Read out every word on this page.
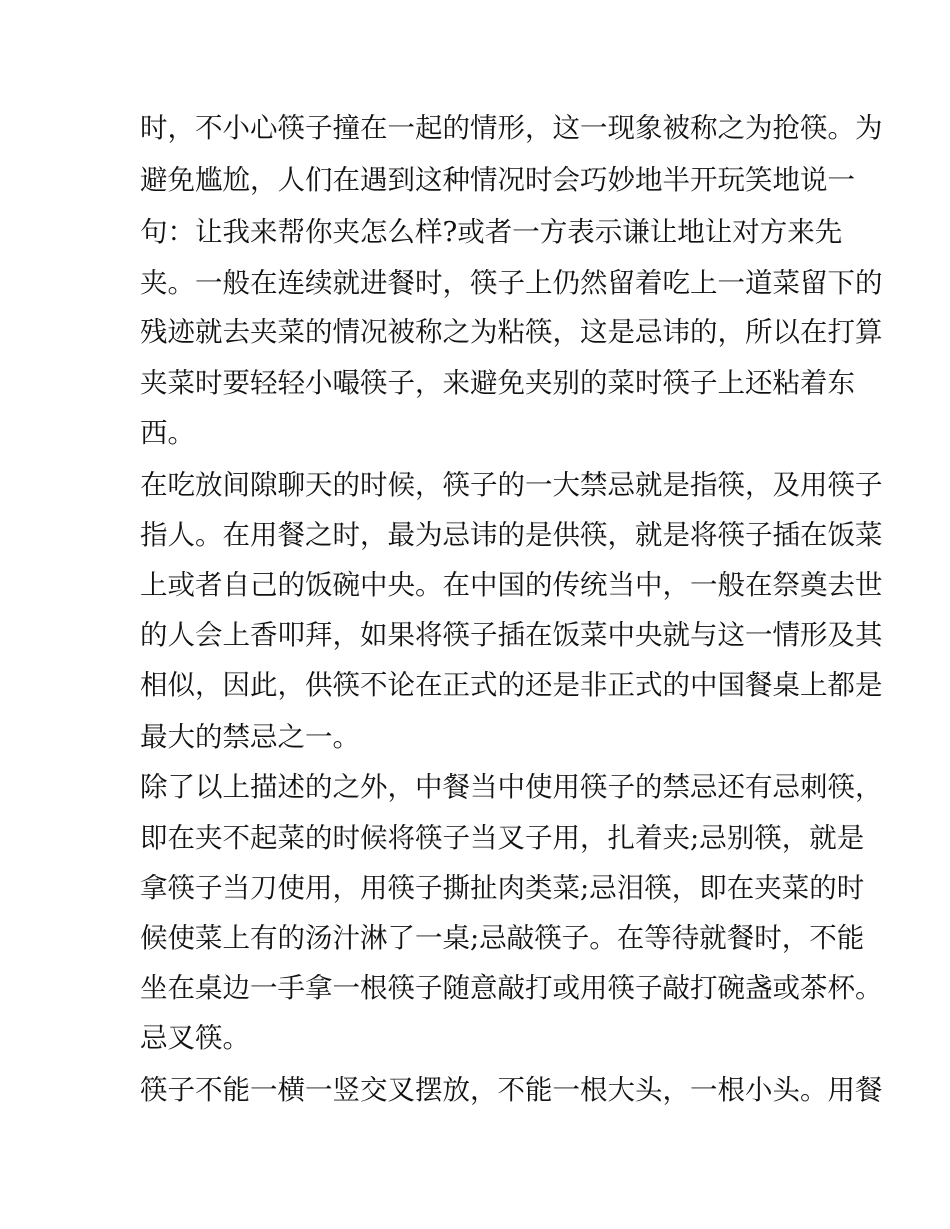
时，不小心筷子撞在一起的情形，这一现象被称之为抢筷。为
避免尴尬，人们在遇到这种情况时会巧妙地半开玩笑地说一
句：让我来帮你夹怎么样?或者一方表示谦让地让对方来先
夹。一般在连续就进餐时，筷子上仍然留着吃上一道菜留下的
残迹就去夹菜的情况被称之为粘筷，这是忌讳的，所以在打算
夹菜时要轻轻小嘬筷子，来避免夹别的菜时筷子上还粘着东
西。
在吃放间隙聊天的时候，筷子的一大禁忌就是指筷，及用筷子
指人。在用餐之时，最为忌讳的是供筷，就是将筷子插在饭菜
上或者自己的饭碗中央。在中国的传统当中，一般在祭奠去世
的人会上香叩拜，如果将筷子插在饭菜中央就与这一情形及其
相似，因此，供筷不论在正式的还是非正式的中国餐桌上都是
最大的禁忌之一。
除了以上描述的之外，中餐当中使用筷子的禁忌还有忌刺筷，
即在夹不起菜的时候将筷子当叉子用，扎着夹;忌别筷，就是
拿筷子当刀使用，用筷子撕扯肉类菜;忌泪筷，即在夹菜的时
候使菜上有的汤汁淋了一桌;忌敲筷子。在等待就餐时，不能
坐在桌边一手拿一根筷子随意敲打或用筷子敲打碗盏或茶杯。
忌叉筷。
筷子不能一横一竖交叉摆放，不能一根大头，一根小头。用餐
